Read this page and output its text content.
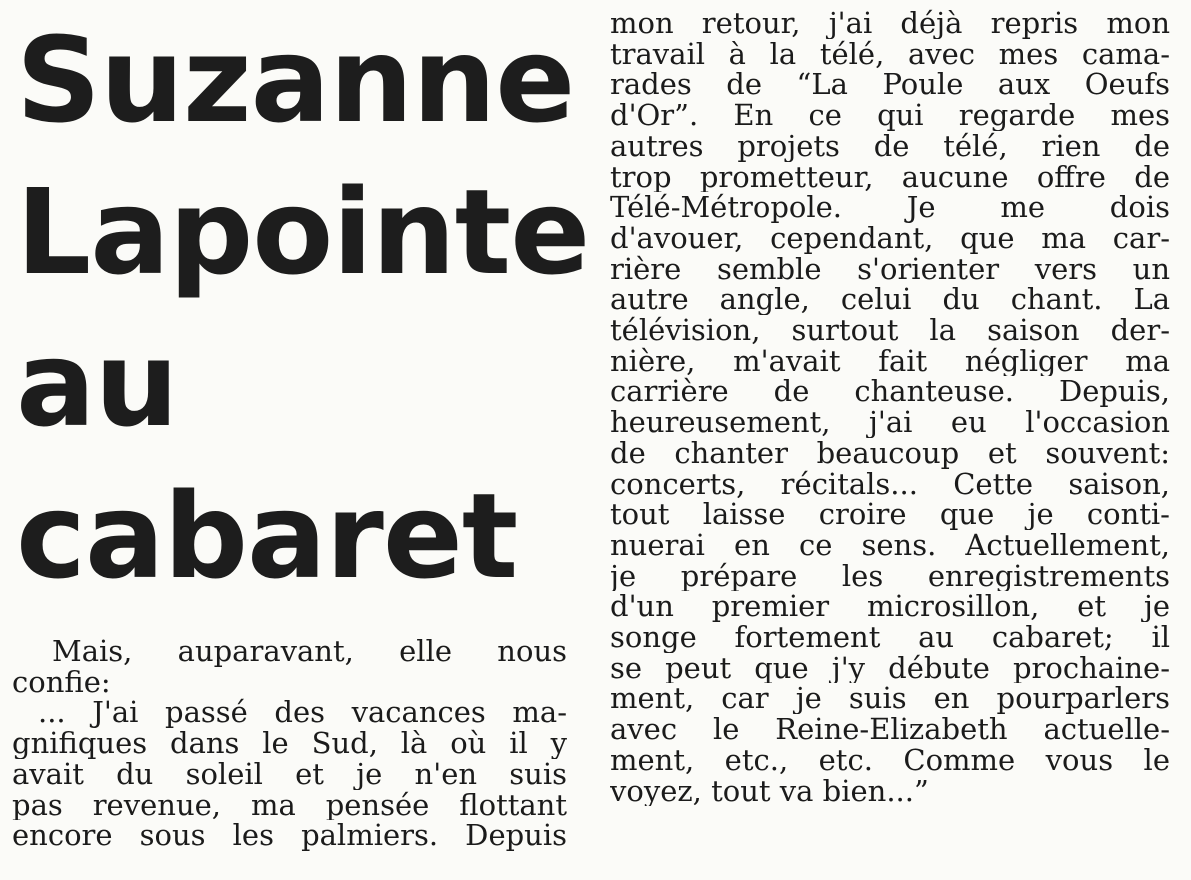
Suzanne
Lapointe
au
cabaret
Mais, auparavant, elle nous
confie:
... J'ai passé des vacances ma-
gnifiques dans le Sud, là où il y
avait du soleil et je n'en suis
pas revenue, ma pensée flottant
encore sous les palmiers. Depuis
mon retour, j'ai déjà repris mon
travail à la télé, avec mes cama-
rades de “La Poule aux Oeufs
d'Or”. En ce qui regarde mes
autres projets de télé, rien de
trop prometteur, aucune offre de
Télé-Métropole. Je me dois
d'avouer, cependant, que ma car-
rière semble s'orienter vers un
autre angle, celui du chant. La
télévision, surtout la saison der-
nière, m'avait fait négliger ma
carrière de chanteuse. Depuis,
heureusement, j'ai eu l'occasion
de chanter beaucoup et souvent:
concerts, récitals... Cette saison,
tout laisse croire que je conti-
nuerai en ce sens. Actuellement,
je prépare les enregistrements
d'un premier microsillon, et je
songe fortement au cabaret; il
se peut que j'y débute prochaine-
ment, car je suis en pourparlers
avec le Reine-Elizabeth actuelle-
ment, etc., etc. Comme vous le
voyez, tout va bien...”
